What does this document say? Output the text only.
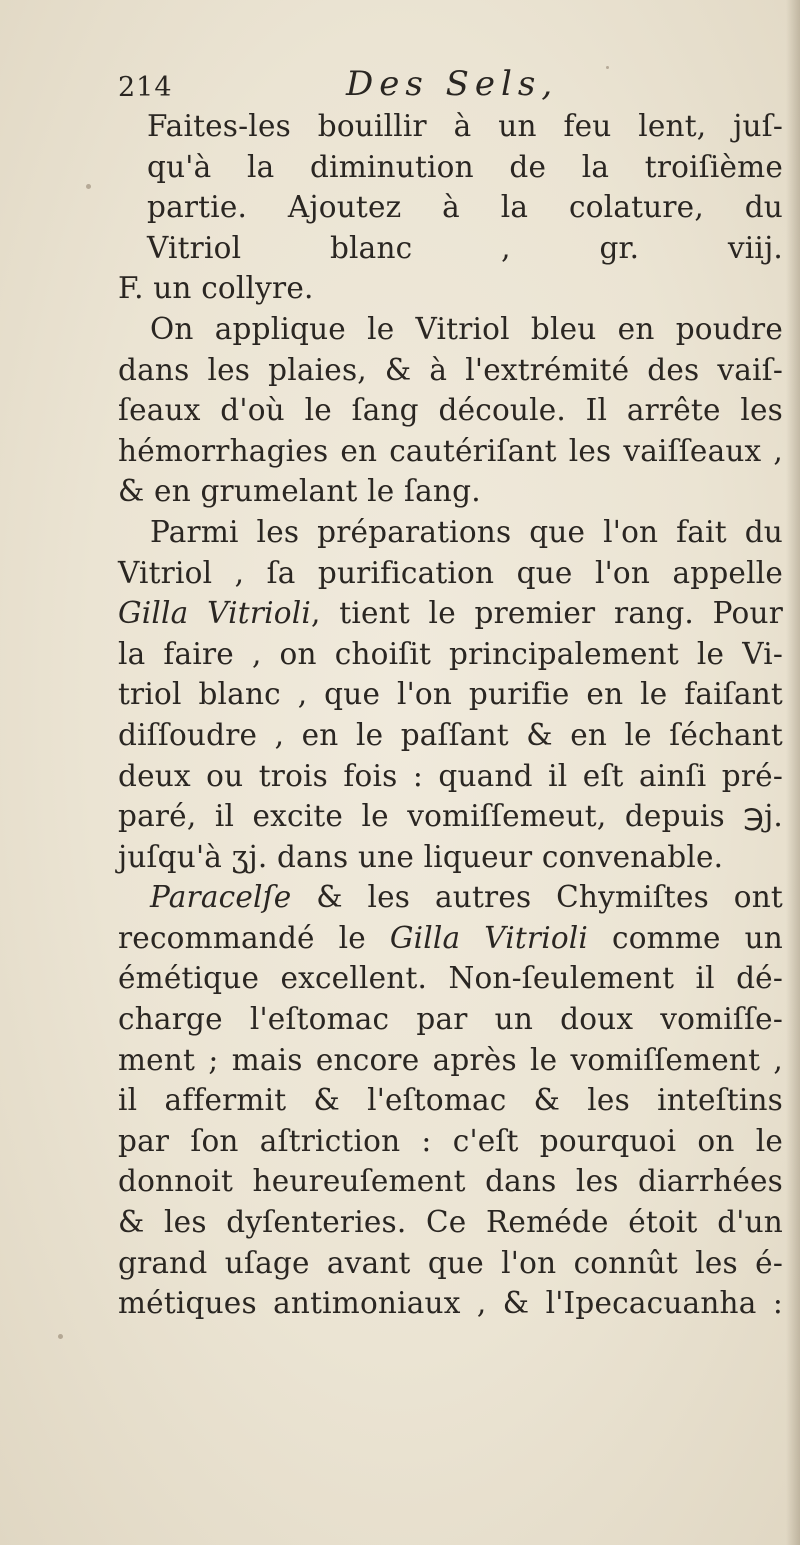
214	Des Sels,
Faites-les bouillir à un feu lent, juſ-
qu'à la diminution de la troiſième
partie. Ajoutez à la colature, du
Vitriol blanc , gr. viij.
F. un collyre.
On applique le Vitriol bleu en poudre
dans les plaies, & à l'extrémité des vaiſ-
ſeaux d'où le ſang découle. Il arrête les
hémorrhagies en cautériſant les vaiſſeaux ,
& en grumelant le ſang.
Parmi les préparations que l'on fait du
Vitriol , ſa purification que l'on appelle
Gilla Vitrioli, tient le premier rang. Pour
la faire , on choiſit principalement le Vi-
triol blanc , que l'on purifie en le faiſant
diſſoudre , en le paſſant & en le ſéchant
deux ou trois fois : quand il eſt ainſi pré-
paré, il excite le vomiſſemeut, depuis ℈j.
juſqu'à ʒj. dans une liqueur convenable.
Paracelſe & les autres Chymiſtes ont
recommandé le Gilla Vitrioli comme un
émétique excellent. Non-ſeulement il dé-
charge l'eſtomac par un doux vomiſſe-
ment ; mais encore après le vomiſſement ,
il affermit & l'eſtomac & les inteſtins
par ſon aſtriction : c'eſt pourquoi on le
donnoit heureuſement dans les diarrhées
& les dyſenteries. Ce Reméde étoit d'un
grand uſage avant que l'on connût les é-
métiques antimoniaux , & l'Ipecacuanha :
